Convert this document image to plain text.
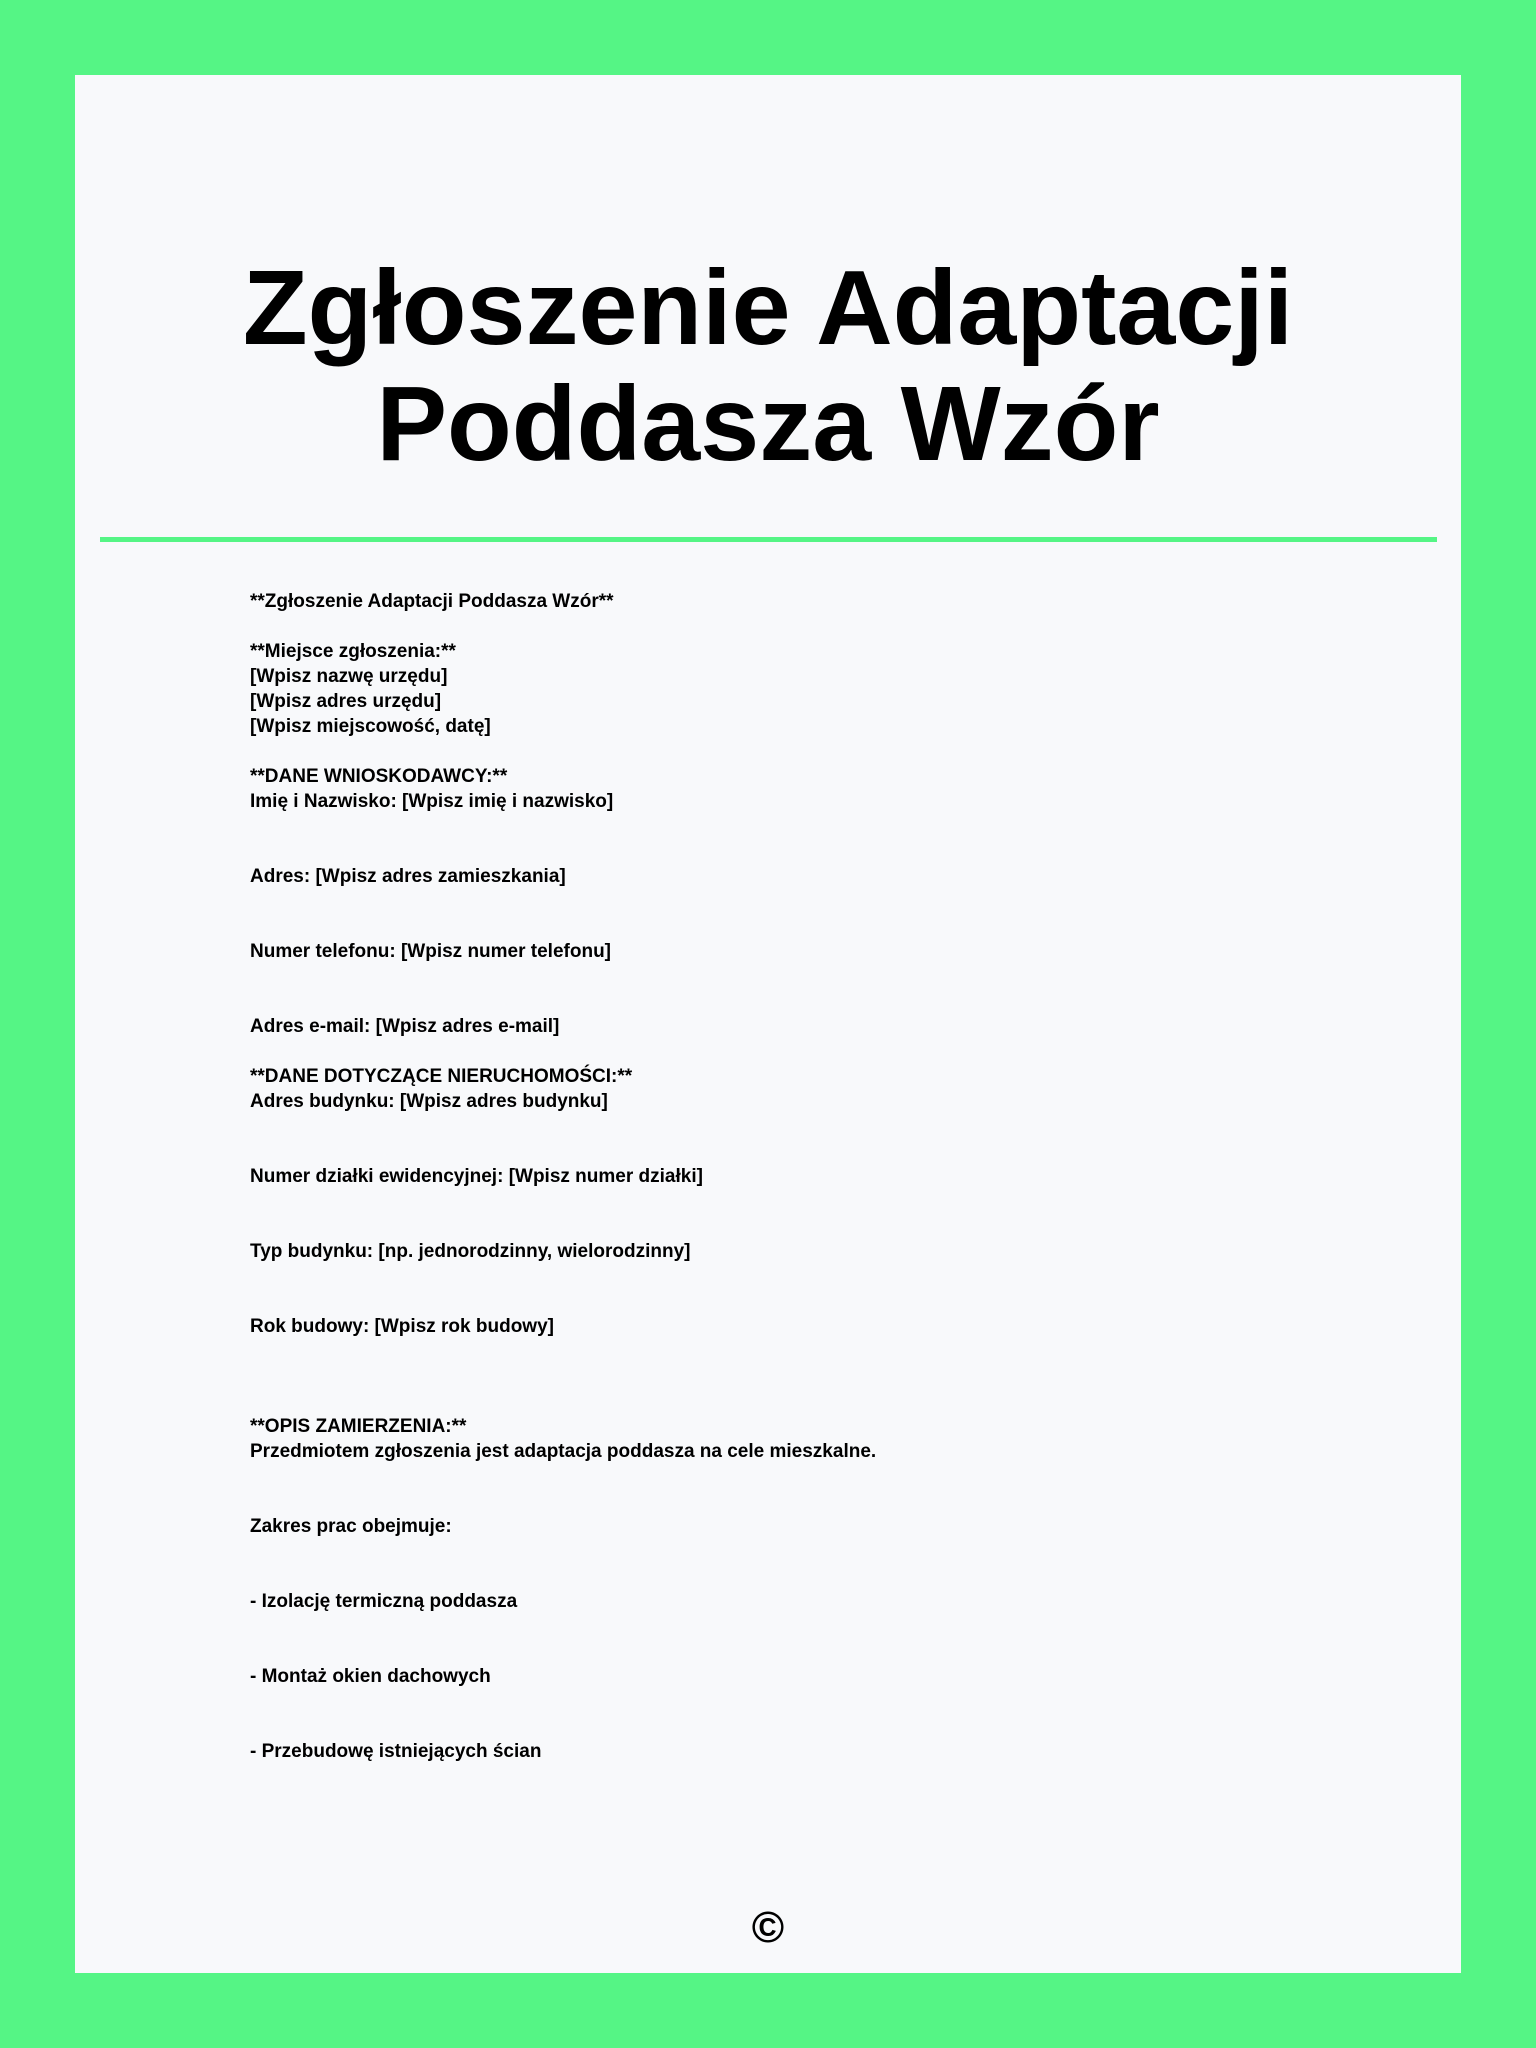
Zgłoszenie Adaptacji
Poddasza Wzór
**Zgłoszenie Adaptacji Poddasza Wzór**
**Miejsce zgłoszenia:**
[Wpisz nazwę urzędu]
[Wpisz adres urzędu]
[Wpisz miejscowość, datę]
**DANE WNIOSKODAWCY:**
Imię i Nazwisko: [Wpisz imię i nazwisko]
Adres: [Wpisz adres zamieszkania]
Numer telefonu: [Wpisz numer telefonu]
Adres e-mail: [Wpisz adres e-mail]
**DANE DOTYCZĄCE NIERUCHOMOŚCI:**
Adres budynku: [Wpisz adres budynku]
Numer działki ewidencyjnej: [Wpisz numer działki]
Typ budynku: [np. jednorodzinny, wielorodzinny]
Rok budowy: [Wpisz rok budowy]
**OPIS ZAMIERZENIA:**
Przedmiotem zgłoszenia jest adaptacja poddasza na cele mieszkalne.
Zakres prac obejmuje:
- Izolację termiczną poddasza
- Montaż okien dachowych
- Przebudowę istniejących ścian
©
